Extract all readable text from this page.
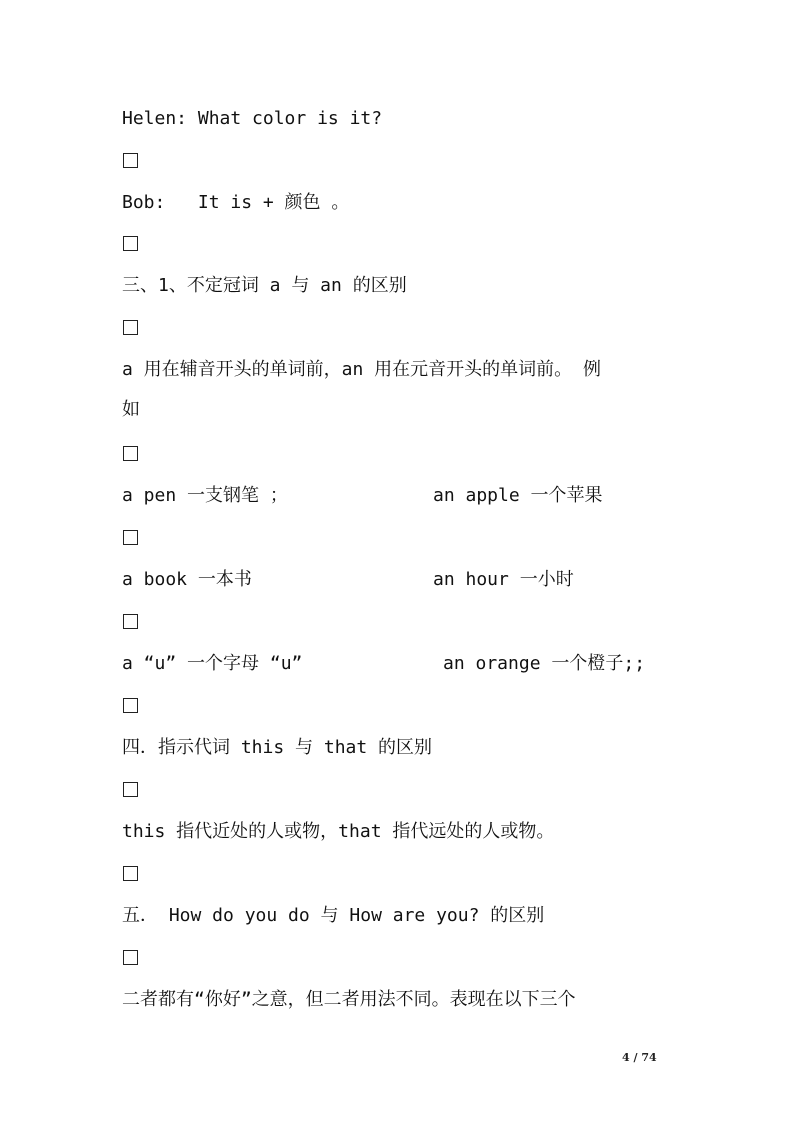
Helen: What color is it?
Bob:   It is + 颜色 。
三、1、不定冠词 a 与 an 的区别
a 用在辅音开头的单词前，an 用在元音开头的单词前。 例
如
a pen 一支钢笔 ；	an apple 一个苹果
a book 一本书	an hour 一小时
a “u” 一个字母 “u”	an orange 一个橙子;;
四．指示代词 this 与 that 的区别
this 指代近处的人或物，that 指代远处的人或物。
五． How do you do 与 How are you? 的区别
二者都有“你好”之意，但二者用法不同。表现在以下三个
4 / 74
